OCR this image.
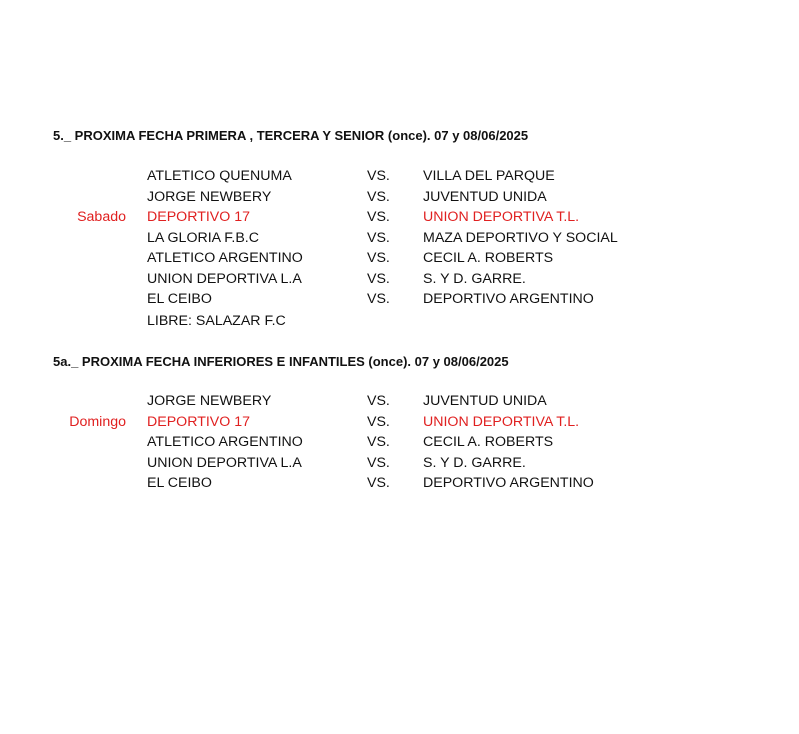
5._ PROXIMA FECHA PRIMERA , TERCERA Y SENIOR (once). 07 y 08/06/2025
ATLETICO QUENUMA	VS. VILLA DEL PARQUE
JORGE NEWBERY	VS. JUVENTUD UNIDA
Sabado DEPORTIVO 17	VS. UNION DEPORTIVA T.L.
LA GLORIA F.B.C	VS. MAZA DEPORTIVO Y SOCIAL
ATLETICO ARGENTINO	VS. CECIL A. ROBERTS
UNION DEPORTIVA L.A	VS. S. Y D. GARRE.
EL CEIBO	VS. DEPORTIVO ARGENTINO
LIBRE: SALAZAR F.C
5a._ PROXIMA FECHA INFERIORES E INFANTILES (once). 07 y 08/06/2025
JORGE NEWBERY	VS. JUVENTUD UNIDA
Domingo DEPORTIVO 17	VS. UNION DEPORTIVA T.L.
ATLETICO ARGENTINO	VS. CECIL A. ROBERTS
UNION DEPORTIVA L.A	VS. S. Y D. GARRE.
EL CEIBO	VS. DEPORTIVO ARGENTINO
